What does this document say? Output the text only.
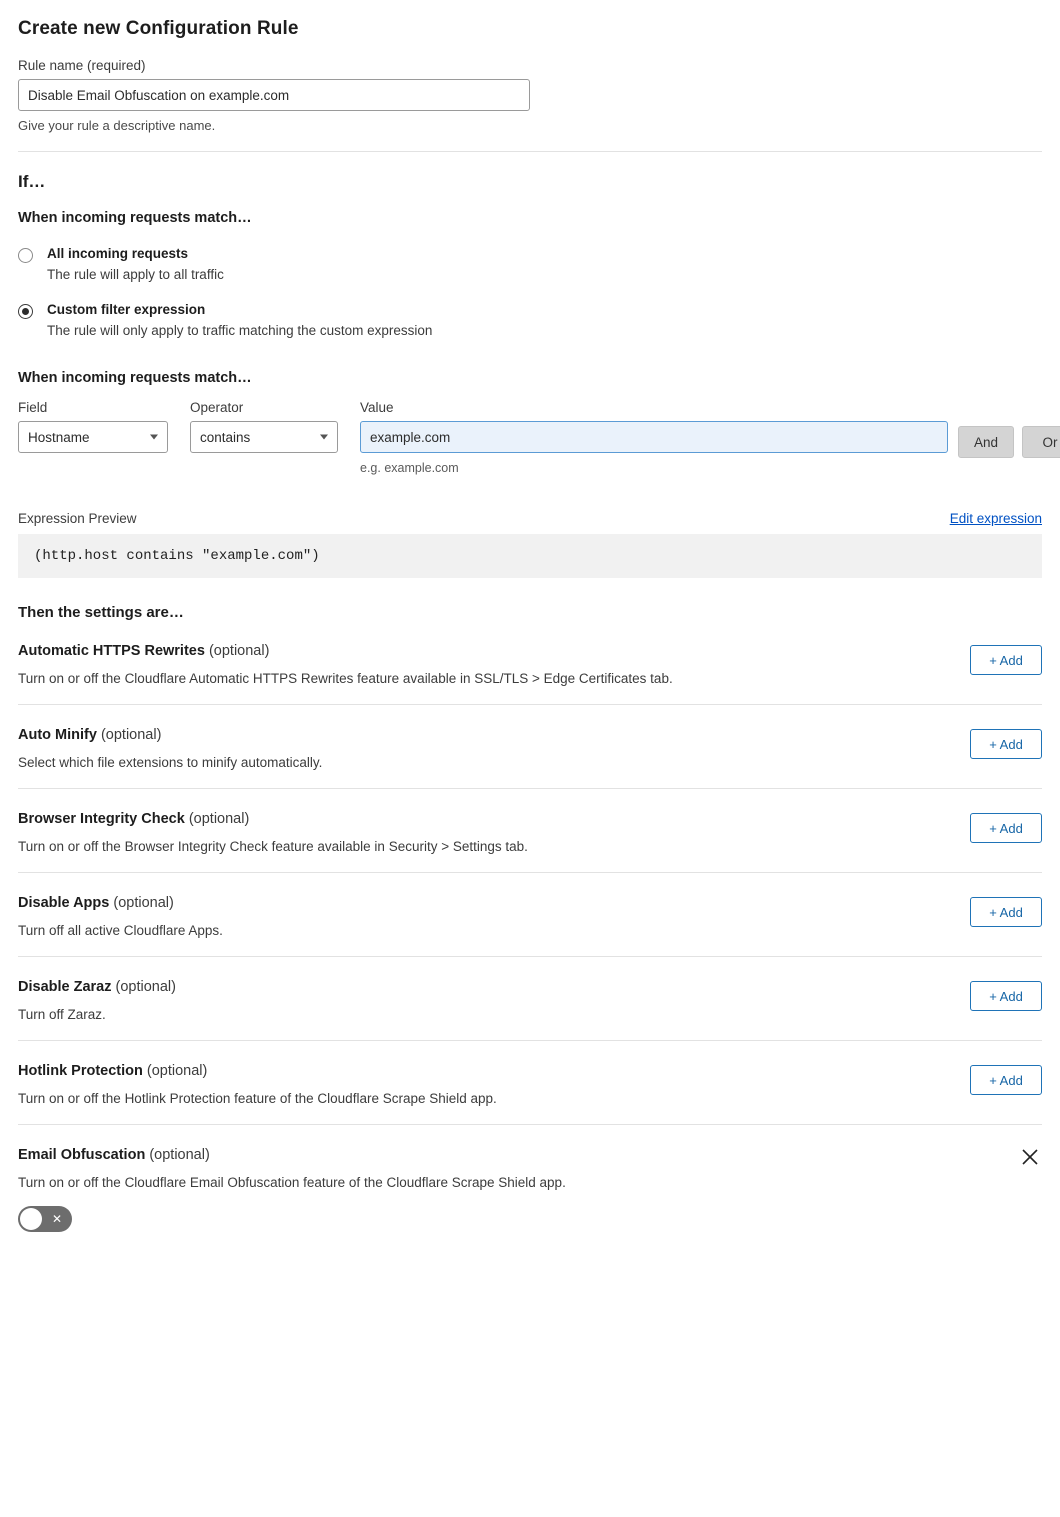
Create new Configuration Rule
Rule name (required)
Disable Email Obfuscation on example.com
Give your rule a descriptive name.
If…
When incoming requests match…
All incoming requests
The rule will apply to all traffic
Custom filter expression
The rule will only apply to traffic matching the custom expression
When incoming requests match…
Field
Hostname
Operator
contains
Value
example.com
e.g. example.com
And	Or
Expression Preview	Edit expression
(http.host contains "example.com")
Then the settings are…
Automatic HTTPS Rewrites (optional)
Turn on or off the Cloudflare Automatic HTTPS Rewrites feature available in SSL/TLS > Edge Certificates tab.
+ Add
Auto Minify (optional)
Select which file extensions to minify automatically.
+ Add
Browser Integrity Check (optional)
Turn on or off the Browser Integrity Check feature available in Security > Settings tab.
+ Add
Disable Apps (optional)
Turn off all active Cloudflare Apps.
+ Add
Disable Zaraz (optional)
Turn off Zaraz.
+ Add
Hotlink Protection (optional)
Turn on or off the Hotlink Protection feature of the Cloudflare Scrape Shield app.
+ Add
Email Obfuscation (optional)
Turn on or off the Cloudflare Email Obfuscation feature of the Cloudflare Scrape Shield app.
✕
